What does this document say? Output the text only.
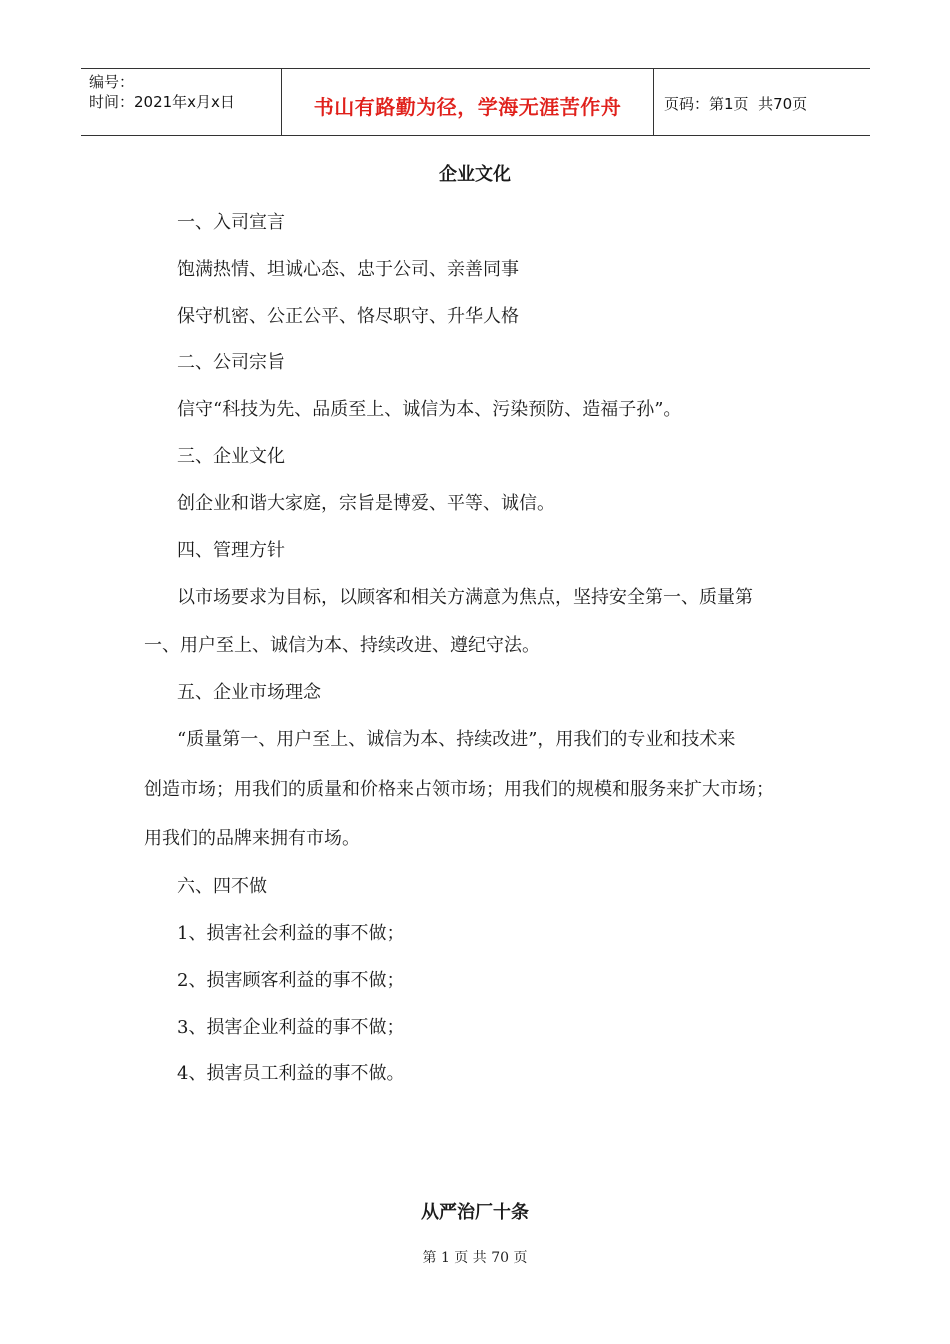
编号：
时间：2021年x月x日	书山有路勤为径，学海无涯苦作舟	页码：第1页  共70页
企业文化
一、入司宣言
饱满热情、坦诚心态、忠于公司、亲善同事
保守机密、公正公平、恪尽职守、升华人格
二、公司宗旨
信守“科技为先、品质至上、诚信为本、污染预防、造福子孙”。
三、企业文化
创企业和谐大家庭，宗旨是博爱、平等、诚信。
四、管理方针
以市场要求为目标，以顾客和相关方满意为焦点，坚持安全第一、质量第
一、用户至上、诚信为本、持续改进、遵纪守法。
五、企业市场理念
“质量第一、用户至上、诚信为本、持续改进”，用我们的专业和技术来
创造市场；用我们的质量和价格来占领市场；用我们的规模和服务来扩大市场；
用我们的品牌来拥有市场。
六、四不做
1、损害社会利益的事不做；
2、损害顾客利益的事不做；
3、损害企业利益的事不做；
4、损害员工利益的事不做。
从严治厂十条
第 1 页 共 70 页
